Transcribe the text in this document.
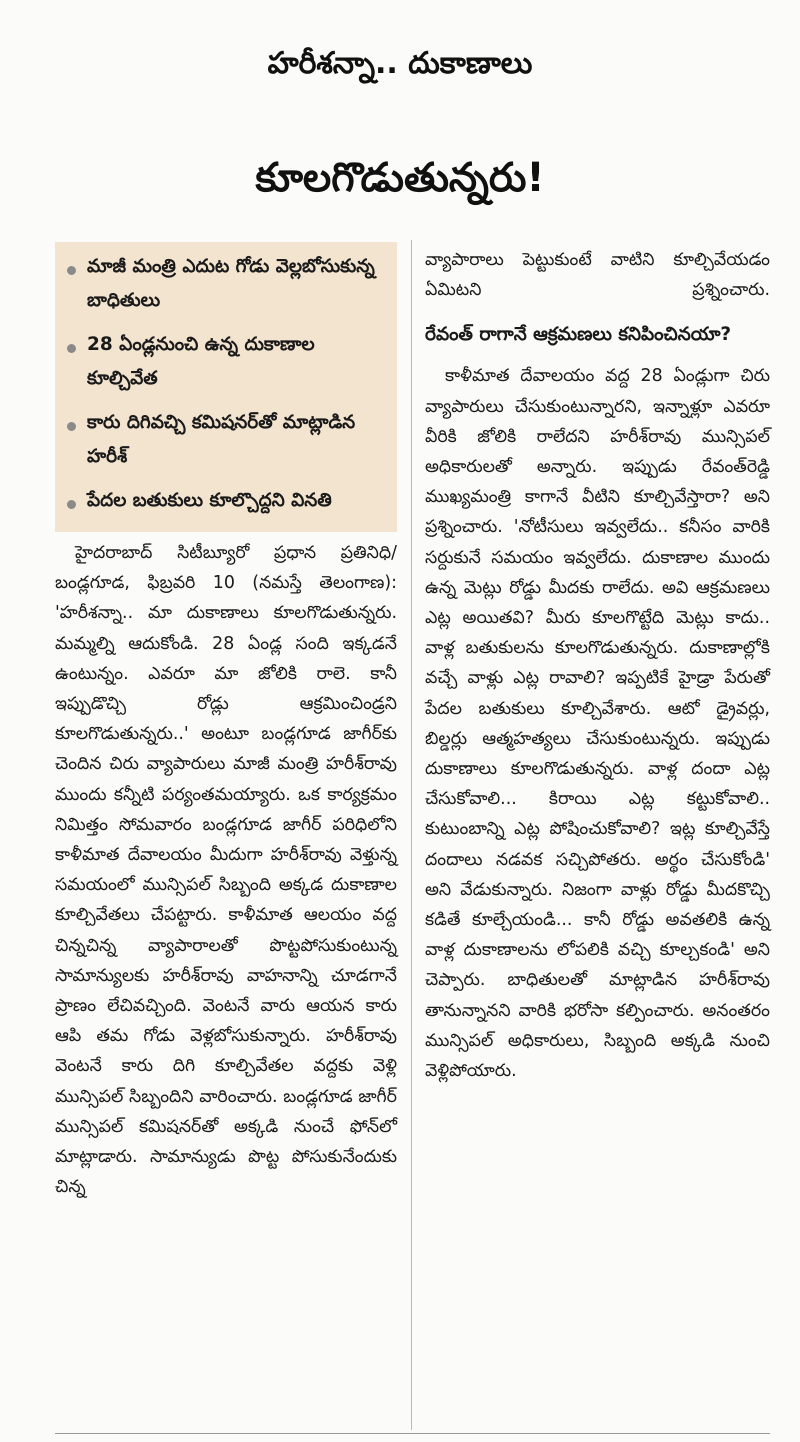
హరీశన్నా.. దుకాణాలు
కూలగొడుతున్నరు!
మాజీ మంత్రి ఎదుట గోడు వెల్లబోసుకున్న బాధితులు
28 ఏండ్లనుంచి ఉన్న దుకాణాల కూల్చివేత
కారు దిగివచ్చి కమిషనర్‌తో మాట్లాడిన హరీశ్‌
పేదల బతుకులు కూల్చొద్దని వినతి

హైదరాబాద్‌ సిటీబ్యూరో ప్రధాన ప్రతినిధి/బండ్లగూడ, ఫిబ్రవరి 10 (నమస్తే తెలంగాణ): 'హరీశన్నా.. మా దుకాణాలు కూలగొడుతున్నరు. మమ్మల్ని ఆదుకోండి. 28 ఏండ్ల సంది ఇక్కడనే ఉంటున్నం. ఎవరూ మా జోలికి రాలె. కానీ ఇప్పుడొచ్చి రోడ్లు ఆక్రమించిండ్రని కూలగొడుతున్నరు..' అంటూ బండ్లగూడ జాగీర్‌కు చెందిన చిరు వ్యాపారులు మాజీ మంత్రి హరీశ్‌రావు ముందు కన్నీటి పర్యంతమయ్యారు. ఒక కార్యక్రమం నిమిత్తం సోమవారం బండ్లగూడ జాగీర్‌ పరిధిలోని కాళీమాత దేవాలయం మీదుగా హరీశ్‌రావు వెళ్తున్న సమయంలో మున్సిపల్‌ సిబ్బంది అక్కడ దుకాణాల కూల్చివేతలు చేపట్టారు. కాళీమాత ఆలయం వద్ద చిన్నచిన్న వ్యాపారాలతో పొట్టపోసుకుంటున్న సామాన్యులకు హరీశ్‌రావు వాహనాన్ని చూడగానే ప్రాణం లేచివచ్చింది. వెంటనే వారు ఆయన కారు ఆపి తమ గోడు వెళ్లబోసుకున్నారు. హరీశ్‌రావు వెంటనే కారు దిగి కూల్చివేతల వద్దకు వెళ్లి మున్సిపల్‌ సిబ్బందిని వారించారు. బండ్లగూడ జాగీర్‌ మున్సిపల్‌ కమిషనర్‌తో అక్కడి నుంచే ఫోన్‌లో మాట్లాడారు. సామాన్యుడు పొట్ట పోసుకునేందుకు చిన్న

వ్యాపారాలు పెట్టుకుంటే వాటిని కూల్చివేయడం ఏమిటని ప్రశ్నించారు.

రేవంత్‌ రాగానే ఆక్రమణలు కనిపించినయా?

కాళీమాత దేవాలయం వద్ద 28 ఏండ్లుగా చిరు వ్యాపారులు చేసుకుంటున్నారని, ఇన్నాళ్లూ ఎవరూ వీరికి జోలికి రాలేదని హరీశ్‌రావు మున్సిపల్‌ అధికారులతో అన్నారు. ఇప్పుడు రేవంత్‌రెడ్డి ముఖ్యమంత్రి కాగానే వీటిని కూల్చివేస్తారా? అని ప్రశ్నించారు. 'నోటీసులు ఇవ్వలేదు.. కనీసం వారికి సర్దుకునే సమయం ఇవ్వలేదు. దుకాణాల ముందు ఉన్న మెట్లు రోడ్డు మీదకు రాలేదు. అవి ఆక్రమణలు ఎట్ల అయితవి? మీరు కూలగొట్టేది మెట్లు కాదు.. వాళ్ల బతుకులను కూలగొడుతున్నరు. దుకాణాల్లోకి వచ్చే వాళ్లు ఎట్ల రావాలి? ఇప్పటికే హైడ్రా పేరుతో పేదల బతుకులు కూల్చివేశారు. ఆటో డ్రైవర్లు, బిల్డర్లు ఆత్మహత్యలు చేసుకుంటున్నరు. ఇప్పుడు దుకాణాలు కూలగొడుతున్నరు. వాళ్ల దందా ఎట్ల చేసుకోవాలి... కిరాయి ఎట్ల కట్టుకోవాలి.. కుటుంబాన్ని ఎట్ల పోషించుకోవాలి? ఇట్ల కూల్చివేస్తే దందాలు నడవక సచ్చిపోతరు. అర్థం చేసుకోండి' అని వేడుకున్నారు. నిజంగా వాళ్లు రోడ్డు మీదకొచ్చి కడితే కూల్చేయండి... కానీ రోడ్డు అవతలికి ఉన్న వాళ్ల దుకాణాలను లోపలికి వచ్చి కూల్చకండి' అని చెప్పారు. బాధితులతో మాట్లాడిన హరీశ్‌రావు తానున్నానని వారికి భరోసా కల్పించారు. అనంతరం మున్సిపల్‌ అధికారులు, సిబ్బంది అక్కడి నుంచి వెళ్లిపోయారు.
